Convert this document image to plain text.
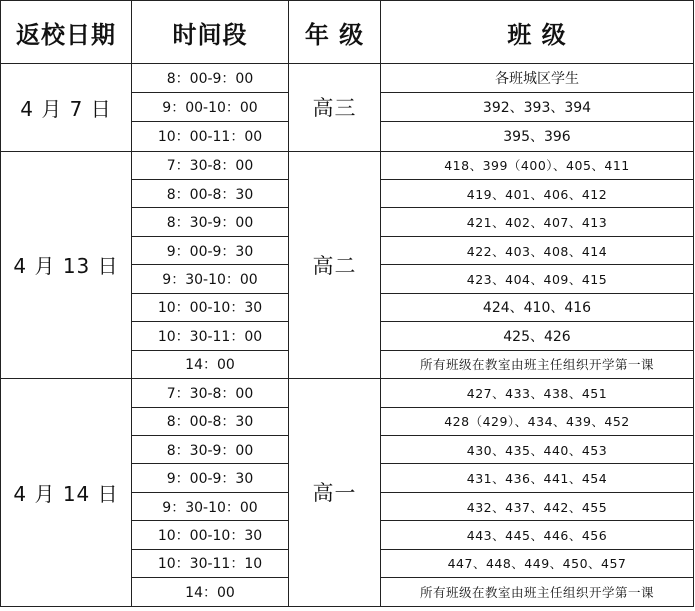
返校日期	时间段	年 级	班 级
4 月 7 日	8：00-9：00	高三	各班城区学生
	9：00-10：00		392、393、394
	10：00-11：00		395、396
4 月 13 日	7：30-8：00	高二	418、399（400）、405、411
	8：00-8：30		419、401、406、412
	8：30-9：00		421、402、407、413
	9：00-9：30		422、403、408、414
	9：30-10：00		423、404、409、415
	10：00-10：30		424、410、416
	10：30-11：00		425、426
	14：00		所有班级在教室由班主任组织开学第一课
4 月 14 日	7：30-8：00	高一	427、433、438、451
	8：00-8：30		428（429）、434、439、452
	8：30-9：00		430、435、440、453
	9：00-9：30		431、436、441、454
	9：30-10：00		432、437、442、455
	10：00-10：30		443、445、446、456
	10：30-11：10		447、448、449、450、457
	14：00		所有班级在教室由班主任组织开学第一课
